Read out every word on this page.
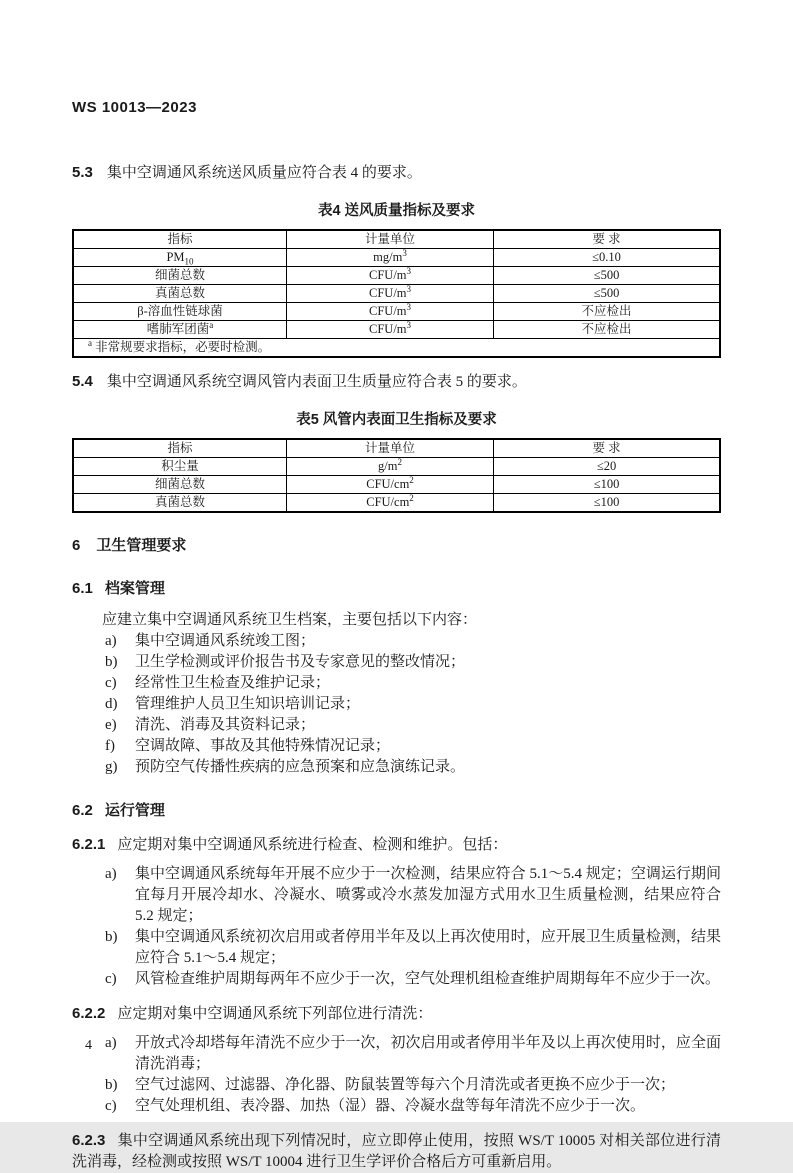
WS 10013—2023
5.3 集中空调通风系统送风质量应符合表 4 的要求。
表4 送风质量指标及要求
指标	计量单位	要 求
$PM_{10}$	$mg/m^3$	≤0.10
细菌总数	CFU/$m^3$	≤500
真菌总数	CFU/$m^3$	≤500
β-溶血性链球菌	CFU/$m^3$	不应检出
嗜肺军团菌$^a$	CFU/$m^3$	不应检出
$^a$ 非常规要求指标，必要时检测。		
5.4 集中空调通风系统空调风管内表面卫生质量应符合表 5 的要求。
表5 风管内表面卫生指标及要求
指标	计量单位	要 求
积尘量	$g/m^2$	≤20
细菌总数	CFU/$cm^2$	≤100
真菌总数	CFU/$cm^2$	≤100
6 卫生管理要求
6.1 档案管理
应建立集中空调通风系统卫生档案，主要包括以下内容：
a)	集中空调通风系统竣工图；
b)	卫生学检测或评价报告书及专家意见的整改情况；
c)	经常性卫生检查及维护记录；
d)	管理维护人员卫生知识培训记录；
e)	清洗、消毒及其资料记录；
f)	空调故障、事故及其他特殊情况记录；
g)	预防空气传播性疾病的应急预案和应急演练记录。
6.2 运行管理
6.2.1 应定期对集中空调通风系统进行检查、检测和维护。包括：
a)	集中空调通风系统每年开展不应少于一次检测，结果应符合 5.1～5.4 规定；空调运行期间宜每月开展冷却水、冷凝水、喷雾或冷水蒸发加湿方式用水卫生质量检测，结果应符合 5.2 规定；
b)	集中空调通风系统初次启用或者停用半年及以上再次使用时，应开展卫生质量检测，结果应符合 5.1～5.4 规定；
c)	风管检查维护周期每两年不应少于一次，空气处理机组检查维护周期每年不应少于一次。
6.2.2 应定期对集中空调通风系统下列部位进行清洗：
a)	开放式冷却塔每年清洗不应少于一次，初次启用或者停用半年及以上再次使用时，应全面清洗消毒；
b)	空气过滤网、过滤器、净化器、防鼠装置等每六个月清洗或者更换不应少于一次；
c)	空气处理机组、表冷器、加热（湿）器、冷凝水盘等每年清洗不应少于一次。
6.2.3 集中空调通风系统出现下列情况时，应立即停止使用，按照 WS/T 10005 对相关部位进行清洗消毒，经检测或按照 WS/T 10004 进行卫生学评价合格后方可重新启用。
4
